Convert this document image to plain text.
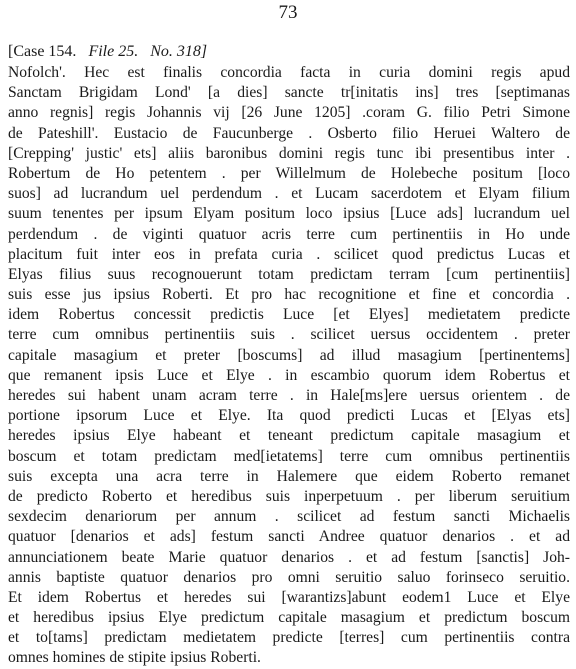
73
[Case 154. File 25. No. 318]
Nofolch'. Hec est finalis concordia facta in curia domini regis apud
Sanctam Brigidam Lond' [a dies] sancte tr[initatis ins] tres [septimanas
anno regnis] regis Johannis vij [26 June 1205] .coram G. filio Petri Simone
de Pateshill'. Eustacio de Faucunberge . Osberto filio Heruei Waltero de
[Crepping' justic' ets] aliis baronibus domini regis tunc ibi presentibus inter .
Robertum de Ho petentem . per Willelmum de Holebeche positum [loco
suos] ad lucrandum uel perdendum . et Lucam sacerdotem et Elyam filium
suum tenentes per ipsum Elyam positum loco ipsius [Luce ads] lucrandum uel
perdendum . de viginti quatuor acris terre cum pertinentiis in Ho unde
placitum fuit inter eos in prefata curia . scilicet quod predictus Lucas et
Elyas filius suus recognouerunt totam predictam terram [cum pertinentiis]
suis esse jus ipsius Roberti. Et pro hac recognitione et fine et concordia .
idem Robertus concessit predictis Luce [et Elyes] medietatem predicte
terre cum omnibus pertinentiis suis . scilicet uersus occidentem . preter
capitale masagium et preter [boscums] ad illud masagium [pertinentems]
que remanent ipsis Luce et Elye . in escambio quorum idem Robertus et
heredes sui habent unam acram terre . in Hale[ms]ere uersus orientem . de
portione ipsorum Luce et Elye. Ita quod predicti Lucas et [Elyas ets]
heredes ipsius Elye habeant et teneant predictum capitale masagium et
boscum et totam predictam med[ietatems] terre cum omnibus pertinentiis
suis excepta una acra terre in Halemere que eidem Roberto remanet
de predicto Roberto et heredibus suis inperpetuum . per liberum seruitium
sexdecim denariorum per annum . scilicet ad festum sancti Michaelis
quatuor [denarios et ads] festum sancti Andree quatuor denarios . et ad
annunciationem beate Marie quatuor denarios . et ad festum [sanctis] Joh-
annis baptiste quatuor denarios pro omni seruitio saluo forinseco seruitio.
Et idem Robertus et heredes sui [warantizs]abunt eodem1 Luce et Elye
et heredibus ipsius Elye predictum capitale masagium et predictum boscum
et to[tams] predictam medietatem predicte [terres] cum pertinentiis contra
omnes homines de stipite ipsius Roberti.
